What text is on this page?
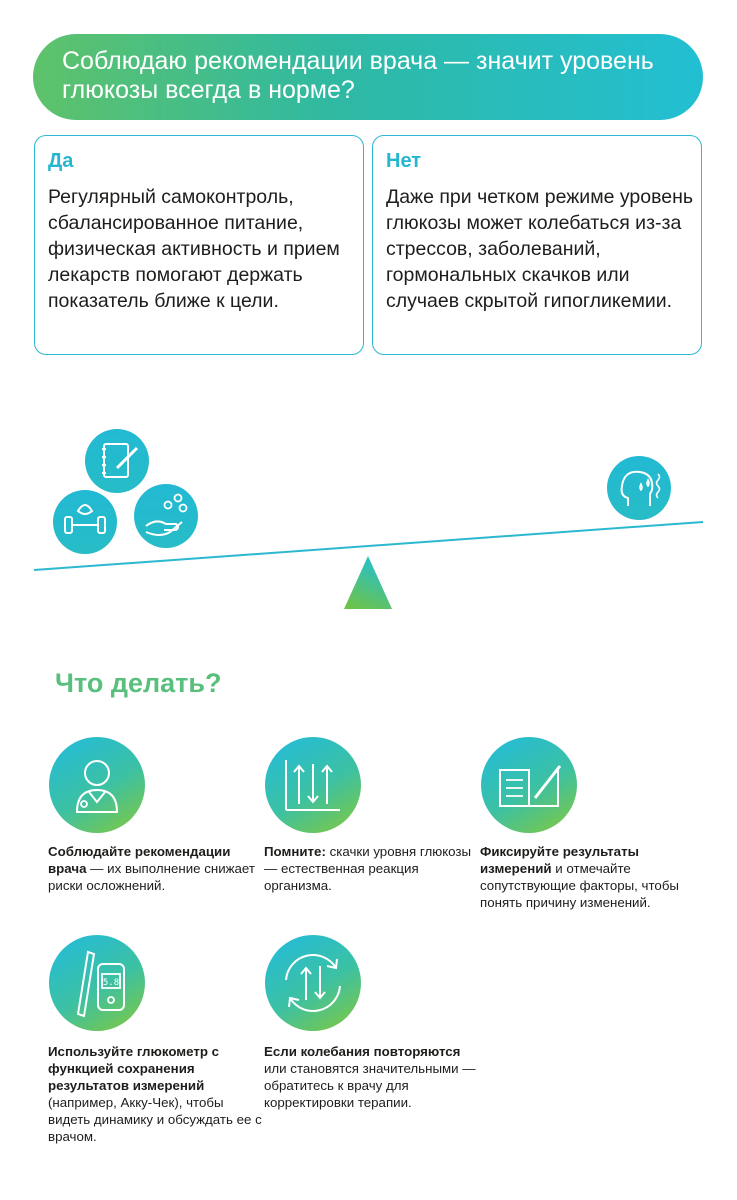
Соблюдаю рекомендации врача — значит уровень глюкозы всегда в норме?
Да
Регулярный самоконтроль, сбалансированное питание, физическая активность и прием лекарств помогают держать показатель ближе к цели.
Нет
Даже при четком режиме уровень глюкозы может колебаться из-за стрессов, заболеваний, гормональных скачков или случаев скрытой гипогликемии.
Что делать?
Соблюдайте рекомендации врача — их выполнение снижает риски осложнений.
Помните: скачки уровня глюкозы — естественная реакция организма.
Фиксируйте результаты измерений и отмечайте сопутствующие факторы, чтобы понять причину изменений.
5.8
Используйте глюкометр с функцией сохранения результатов измерений (например, Акку-Чек), чтобы видеть динамику и обсуждать ее с врачом.
Если колебания повторяются или становятся значительными — обратитесь к врачу для корректировки терапии.
